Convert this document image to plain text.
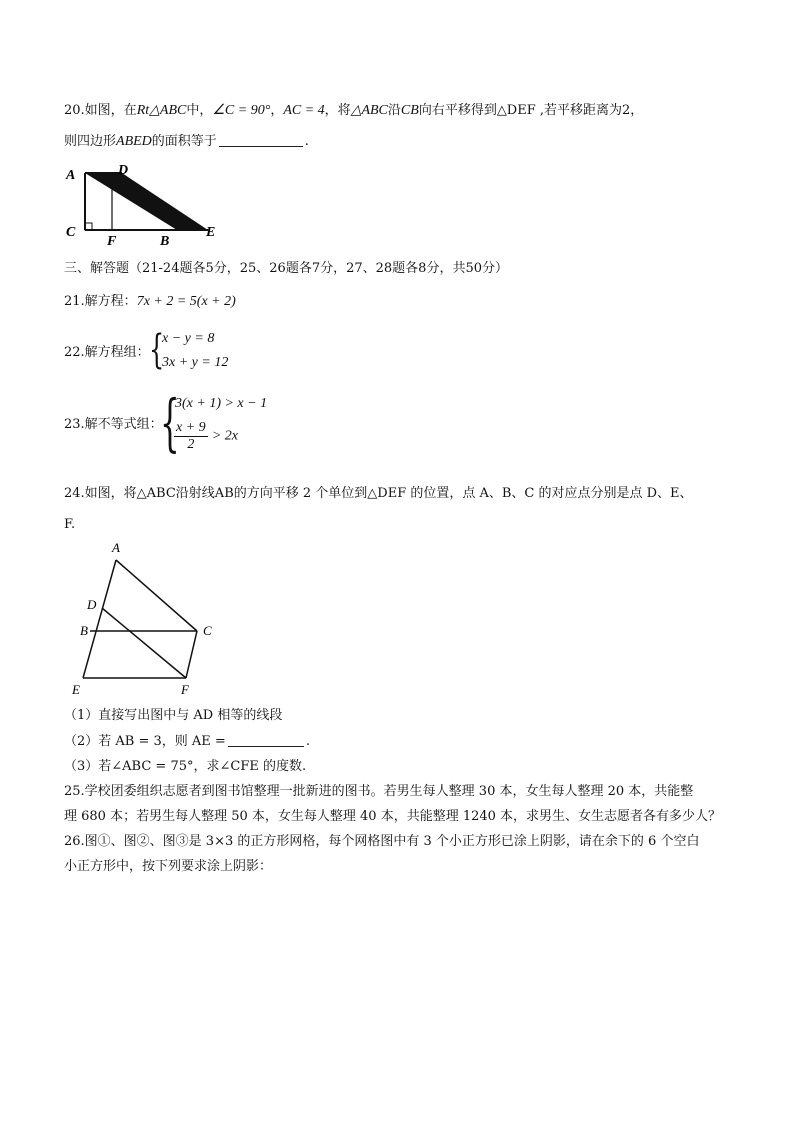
20.如图，在Rt△ABC中，∠C = 90°，AC = 4，将△ABC沿CB向右平移得到△DEF ,若平移距离为2，
则四边形ABED的面积等于	.
A	D
C
F	B
E
三、解答题（21-24题各5分，25、26题各7分，27、28题各8分，共50分）
21.解方程：7x + 2 = 5(x + 2)
22.解方程组： {
x − y = 8
3x + y = 12
23.解不等式组：
{
3(x + 1) > x − 1
$\frac{x + 9}{2} > 2x$
24.如图，将△ABC沿射线AB的方向平移 2 个单位到△DEF 的位置，点 A、B、C 的对应点分别是点 D、E、
F.
A
D
B	C
E	F
（1）直接写出图中与 AD 相等的线段
（2）若 AB = 3，则 AE =	.
（3）若∠ABC = 75°，求∠CFE 的度数.
25.学校团委组织志愿者到图书馆整理一批新进的图书。若男生每人整理 30 本，女生每人整理 20 本，共能整
理 680 本；若男生每人整理 50 本，女生每人整理 40 本，共能整理 1240 本，求男生、女生志愿者各有多少人？
26.图①、图②、图③是 3×3 的正方形网格，每个网格图中有 3 个小正方形已涂上阴影，请在余下的 6 个空白
小正方形中，按下列要求涂上阴影：
